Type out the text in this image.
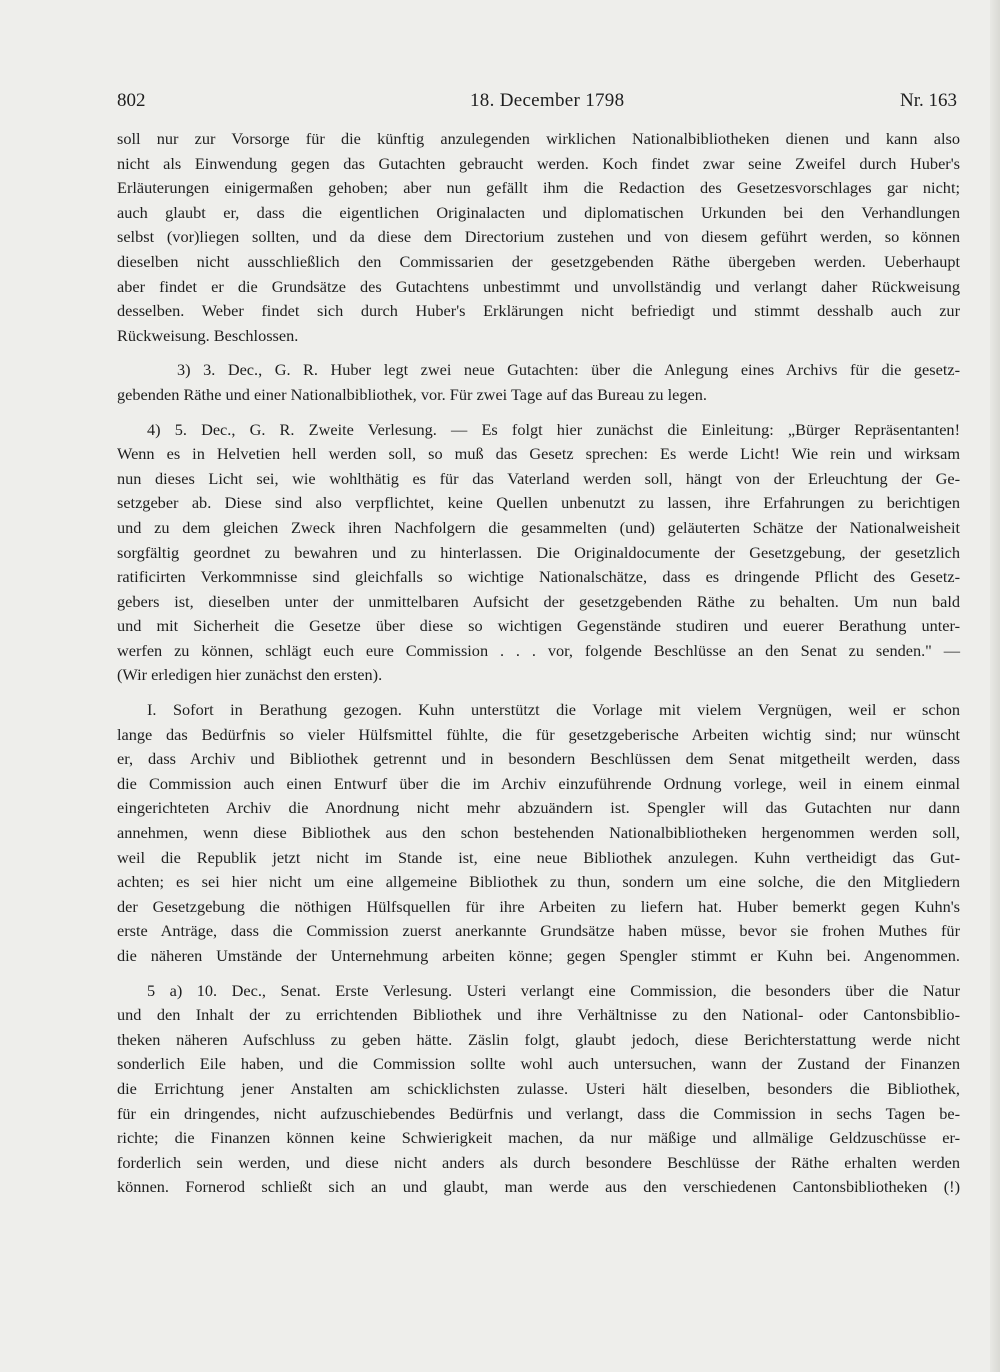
802	18. December 1798	Nr. 163
soll nur zur Vorsorge für die künftig anzulegenden wirklichen Nationalbibliotheken dienen und kann also
nicht als Einwendung gegen das Gutachten gebraucht werden. Koch findet zwar seine Zweifel durch Huber's
Erläuterungen einigermaßen gehoben; aber nun gefällt ihm die Redaction des Gesetzesvorschlages gar nicht;
auch glaubt er, dass die eigentlichen Originalacten und diplomatischen Urkunden bei den Verhandlungen
selbst (vor)liegen sollten, und da diese dem Directorium zustehen und von diesem geführt werden, so können
dieselben nicht ausschließlich den Commissarien der gesetzgebenden Räthe übergeben werden. Ueberhaupt
aber findet er die Grundsätze des Gutachtens unbestimmt und unvollständig und verlangt daher Rückweisung
desselben. Weber findet sich durch Huber's Erklärungen nicht befriedigt und stimmt desshalb auch zur
Rückweisung. Beschlossen.
3) 3. Dec., G. R. Huber legt zwei neue Gutachten: über die Anlegung eines Archivs für die gesetz-
gebenden Räthe und einer Nationalbibliothek, vor. Für zwei Tage auf das Bureau zu legen.
4) 5. Dec., G. R. Zweite Verlesung. — Es folgt hier zunächst die Einleitung: „Bürger Repräsentanten!
Wenn es in Helvetien hell werden soll, so muß das Gesetz sprechen: Es werde Licht! Wie rein und wirksam
nun dieses Licht sei, wie wohlthätig es für das Vaterland werden soll, hängt von der Erleuchtung der Ge-
setzgeber ab. Diese sind also verpflichtet, keine Quellen unbenutzt zu lassen, ihre Erfahrungen zu berichtigen
und zu dem gleichen Zweck ihren Nachfolgern die gesammelten (und) geläuterten Schätze der Nationalweisheit
sorgfältig geordnet zu bewahren und zu hinterlassen. Die Originaldocumente der Gesetzgebung, der gesetzlich
ratificirten Verkommnisse sind gleichfalls so wichtige Nationalschätze, dass es dringende Pflicht des Gesetz-
gebers ist, dieselben unter der unmittelbaren Aufsicht der gesetzgebenden Räthe zu behalten. Um nun bald
und mit Sicherheit die Gesetze über diese so wichtigen Gegenstände studiren und euerer Berathung unter-
werfen zu können, schlägt euch eure Commission . . . vor, folgende Beschlüsse an den Senat zu senden." —
(Wir erledigen hier zunächst den ersten).
I. Sofort in Berathung gezogen. Kuhn unterstützt die Vorlage mit vielem Vergnügen, weil er schon
lange das Bedürfnis so vieler Hülfsmittel fühlte, die für gesetzgeberische Arbeiten wichtig sind; nur wünscht
er, dass Archiv und Bibliothek getrennt und in besondern Beschlüssen dem Senat mitgetheilt werden, dass
die Commission auch einen Entwurf über die im Archiv einzuführende Ordnung vorlege, weil in einem einmal
eingerichteten Archiv die Anordnung nicht mehr abzuändern ist. Spengler will das Gutachten nur dann
annehmen, wenn diese Bibliothek aus den schon bestehenden Nationalbibliotheken hergenommen werden soll,
weil die Republik jetzt nicht im Stande ist, eine neue Bibliothek anzulegen. Kuhn vertheidigt das Gut-
achten; es sei hier nicht um eine allgemeine Bibliothek zu thun, sondern um eine solche, die den Mitgliedern
der Gesetzgebung die nöthigen Hülfsquellen für ihre Arbeiten zu liefern hat. Huber bemerkt gegen Kuhn's
erste Anträge, dass die Commission zuerst anerkannte Grundsätze haben müsse, bevor sie frohen Muthes für
die näheren Umstände der Unternehmung arbeiten könne; gegen Spengler stimmt er Kuhn bei. Angenommen.
5 a) 10. Dec., Senat. Erste Verlesung. Usteri verlangt eine Commission, die besonders über die Natur
und den Inhalt der zu errichtenden Bibliothek und ihre Verhältnisse zu den National- oder Cantonsbiblio-
theken näheren Aufschluss zu geben hätte. Zäslin folgt, glaubt jedoch, diese Berichterstattung werde nicht
sonderlich Eile haben, und die Commission sollte wohl auch untersuchen, wann der Zustand der Finanzen
die Errichtung jener Anstalten am schicklichsten zulasse. Usteri hält dieselben, besonders die Bibliothek,
für ein dringendes, nicht aufzuschiebendes Bedürfnis und verlangt, dass die Commission in sechs Tagen be-
richte; die Finanzen können keine Schwierigkeit machen, da nur mäßige und allmälige Geldzuschüsse er-
forderlich sein werden, und diese nicht anders als durch besondere Beschlüsse der Räthe erhalten werden
können. Fornerod schließt sich an und glaubt, man werde aus den verschiedenen Cantonsbibliotheken (!)
